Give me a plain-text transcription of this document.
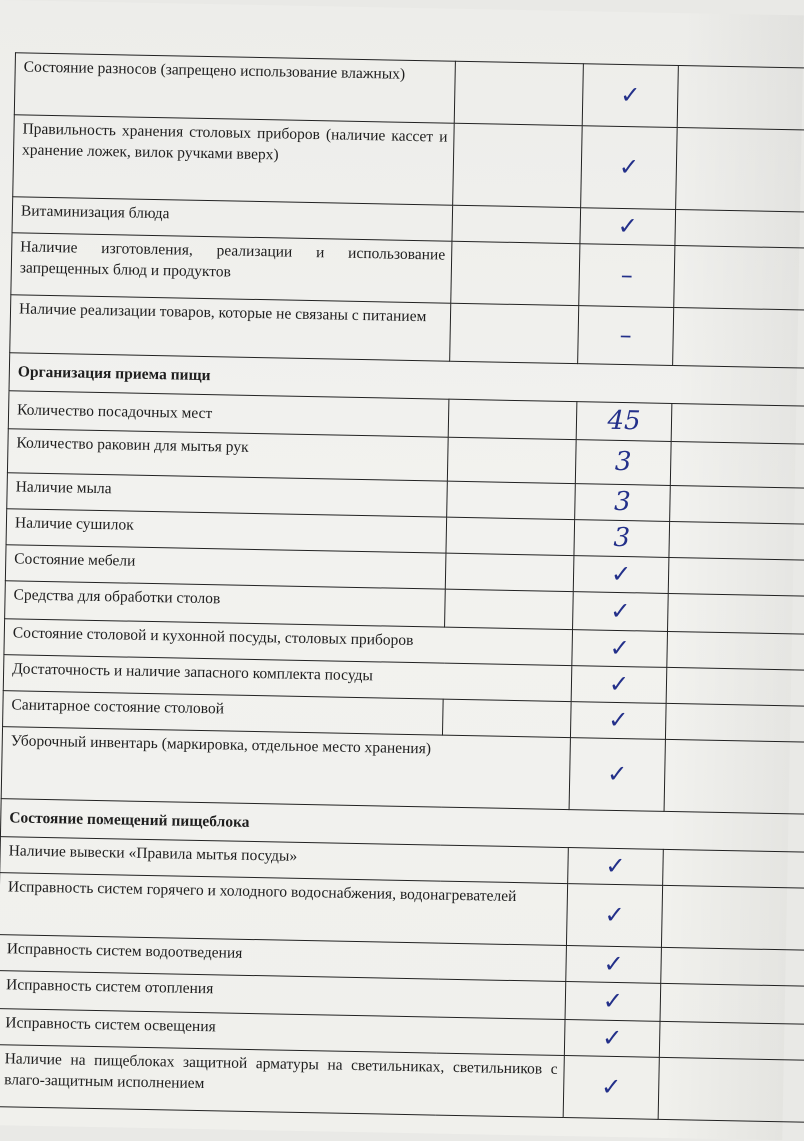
Состояние разносов (запрещено использование влажных)		✓	
Правильность хранения столовых приборов (наличие кассет и хранение ложек, вилок ручками вверх)		✓	
Витаминизация блюда		✓	
Наличие изготовления, реализации и использование запрещенных блюд и продуктов		–	
Наличие реализации товаров, которые не связаны с питанием		–	
Организация приема пищи			
Количество посадочных мест		45	
Количество раковин для мытья рук		3	
Наличие мыла		3	
Наличие сушилок		3	
Состояние мебели		✓	
Средства для обработки столов		✓	
Состояние столовой и кухонной посуды, столовых приборов		✓	
Достаточность и наличие запасного комплекта посуды		✓	
Санитарное состояние столовой		✓	
Уборочный инвентарь (маркировка, отдельное место хранения)		✓	
Состояние помещений пищеблока			
Наличие вывески «Правила мытья посуды»		✓	
Исправность систем горячего и холодного водоснабжения, водонагревателей		✓	
Исправность систем водоотведения		✓	
Исправность систем отопления		✓	
Исправность систем освещения		✓	
Наличие на пищеблоках защитной арматуры на светильниках, светильников с влаго-защитным исполнением		✓	
